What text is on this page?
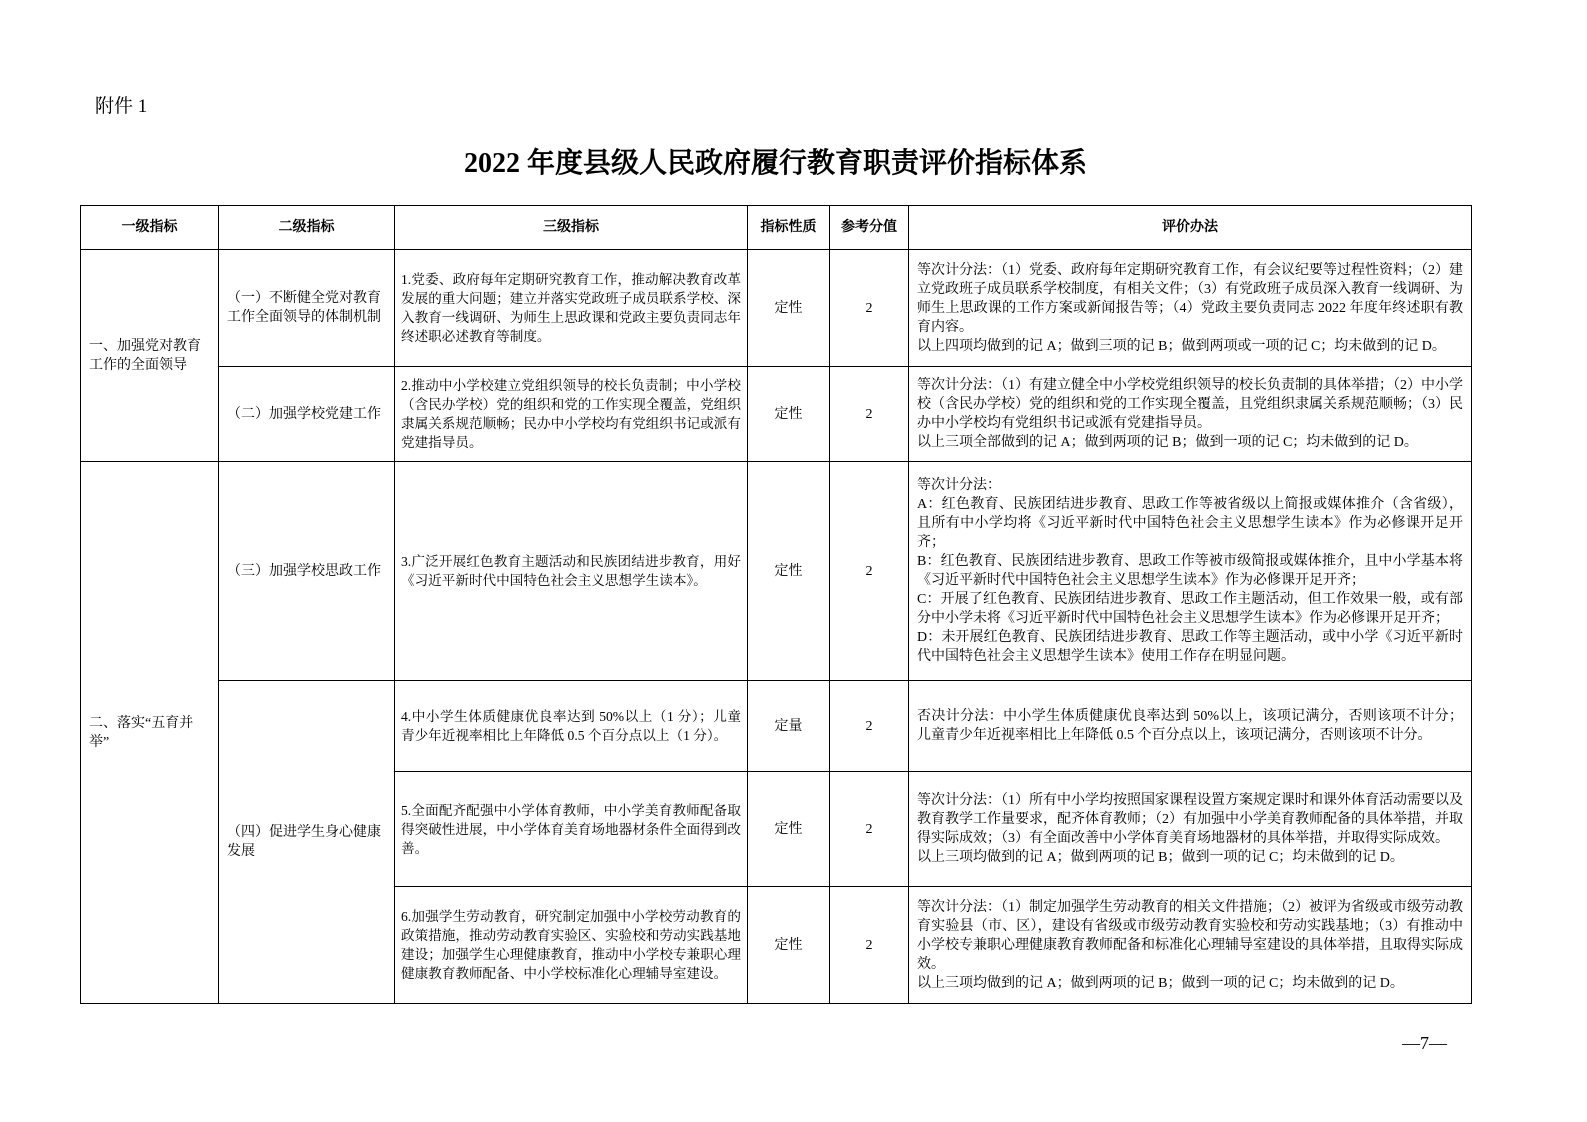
附件 1
2022 年度县级人民政府履行教育职责评价指标体系
一级指标	二级指标	三级指标	指标性质	参考分值	评价办法
一、加强党对教育工作的全面领导	（一）不断健全党对教育工作全面领导的体制机制	1.党委、政府每年定期研究教育工作，推动解决教育改革发展的重大问题；建立并落实党政班子成员联系学校、深入教育一线调研、为师生上思政课和党政主要负责同志年终述职必述教育等制度。	定性	2	等次计分法：（1）党委、政府每年定期研究教育工作，有会议纪要等过程性资料；（2）建立党政班子成员联系学校制度，有相关文件；（3）有党政班子成员深入教育一线调研、为师生上思政课的工作方案或新闻报告等；（4）党政主要负责同志 2022 年度年终述职有教育内容。
以上四项均做到的记 A；做到三项的记 B；做到两项或一项的记 C；均未做到的记 D。

	（二）加强学校党建工作	2.推动中小学校建立党组织领导的校长负责制；中小学校（含民办学校）党的组织和党的工作实现全覆盖，党组织隶属关系规范顺畅；民办中小学校均有党组织书记或派有党建指导员。	定性	2	等次计分法：（1）有建立健全中小学校党组织领导的校长负责制的具体举措；（2）中小学校（含民办学校）党的组织和党的工作实现全覆盖，且党组织隶属关系规范顺畅；（3）民办中小学校均有党组织书记或派有党建指导员。
以上三项全部做到的记 A；做到两项的记 B；做到一项的记 C；均未做到的记 D。

二、落实“五育并举”	（三）加强学校思政工作	3.广泛开展红色教育主题活动和民族团结进步教育，用好《习近平新时代中国特色社会主义思想学生读本》。	定性	2	等次计分法：
A：红色教育、民族团结进步教育、思政工作等被省级以上简报或媒体推介（含省级），且所有中小学均将《习近平新时代中国特色社会主义思想学生读本》作为必修课开足开齐；
B：红色教育、民族团结进步教育、思政工作等被市级简报或媒体推介，且中小学基本将《习近平新时代中国特色社会主义思想学生读本》作为必修课开足开齐；
C：开展了红色教育、民族团结进步教育、思政工作主题活动，但工作效果一般，或有部分中小学未将《习近平新时代中国特色社会主义思想学生读本》作为必修课开足开齐；
D：未开展红色教育、民族团结进步教育、思政工作等主题活动，或中小学《习近平新时代中国特色社会主义思想学生读本》使用工作存在明显问题。

	（四）促进学生身心健康发展	4.中小学生体质健康优良率达到 50%以上（1 分）；儿童青少年近视率相比上年降低 0.5 个百分点以上（1 分）。	定量	2	否决计分法：中小学生体质健康优良率达到 50%以上，该项记满分，否则该项不计分；儿童青少年近视率相比上年降低 0.5 个百分点以上，该项记满分，否则该项不计分。

		5.全面配齐配强中小学体育教师，中小学美育教师配备取得突破性进展，中小学体育美育场地器材条件全面得到改善。	定性	2	等次计分法：（1）所有中小学均按照国家课程设置方案规定课时和课外体育活动需要以及教育教学工作量要求，配齐体育教师；（2）有加强中小学美育教师配备的具体举措，并取得实际成效；（3）有全面改善中小学体育美育场地器材的具体举措，并取得实际成效。
以上三项均做到的记 A；做到两项的记 B；做到一项的记 C；均未做到的记 D。

		6.加强学生劳动教育，研究制定加强中小学校劳动教育的政策措施，推动劳动教育实验区、实验校和劳动实践基地建设；加强学生心理健康教育，推动中小学校专兼职心理健康教育教师配备、中小学校标准化心理辅导室建设。	定性	2	等次计分法：（1）制定加强学生劳动教育的相关文件措施；（2）被评为省级或市级劳动教育实验县（市、区），建设有省级或市级劳动教育实验校和劳动实践基地；（3）有推动中小学校专兼职心理健康教育教师配备和标准化心理辅导室建设的具体举措，且取得实际成效。
以上三项均做到的记 A；做到两项的记 B；做到一项的记 C；均未做到的记 D。
—7—
